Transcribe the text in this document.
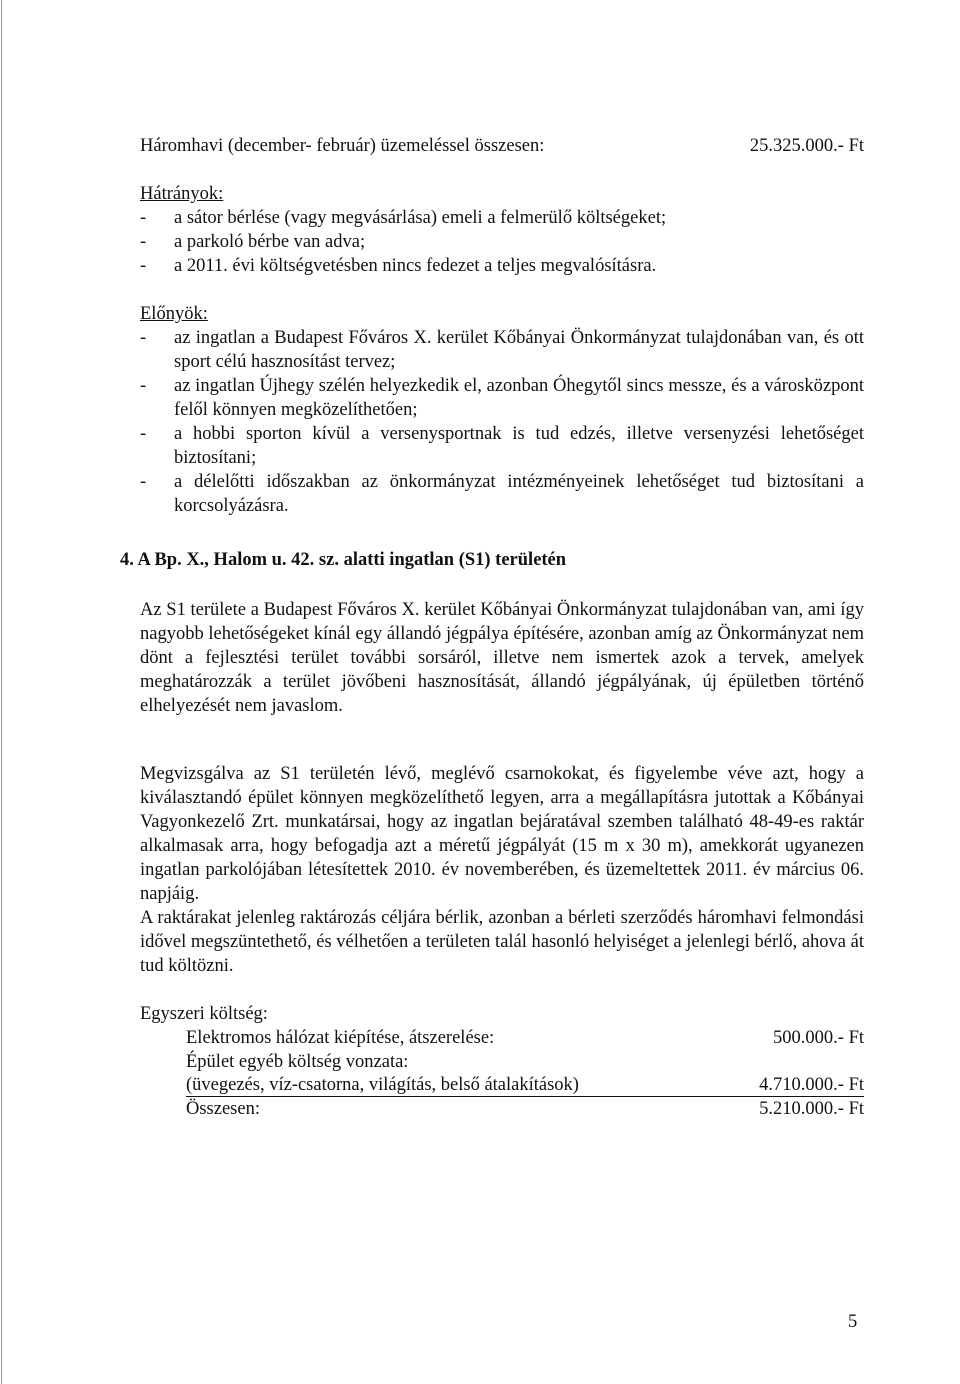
Háromhavi (december- február) üzemeléssel összesen:	25.325.000.- Ft
Hátrányok:
- a sátor bérlése (vagy megvásárlása) emeli a felmerülő költségeket;
- a parkoló bérbe van adva;
- a 2011. évi költségvetésben nincs fedezet a teljes megvalósításra.
Előnyök:
- az ingatlan a Budapest Főváros X. kerület Kőbányai Önkormányzat tulajdonában van, és ott sport célú hasznosítást tervez;
- az ingatlan Újhegy szélén helyezkedik el, azonban Óhegytől sincs messze, és a városközpont felől könnyen megközelíthetően;
- a hobbi sporton kívül a versenysportnak is tud edzés, illetve versenyzési lehetőséget biztosítani;
- a délelőtti időszakban az önkormányzat intézményeinek lehetőséget tud biztosítani a korcsolyázásra.
4. A Bp. X., Halom u. 42. sz. alatti ingatlan (S1) területén
Az S1 területe a Budapest Főváros X. kerület Kőbányai Önkormányzat tulajdonában van, ami így nagyobb lehetőségeket kínál egy állandó jégpálya építésére, azonban amíg az Önkormányzat nem dönt a fejlesztési terület további sorsáról, illetve nem ismertek azok a tervek, amelyek meghatározzák a terület jövőbeni hasznosítását, állandó jégpályának, új épületben történő elhelyezését nem javaslom.
Megvizsgálva az S1 területén lévő, meglévő csarnokokat, és figyelembe véve azt, hogy a kiválasztandó épület könnyen megközelíthető legyen, arra a megállapításra jutottak a Kőbányai Vagyonkezelő Zrt. munkatársai, hogy az ingatlan bejáratával szemben található 48-49-es raktár alkalmasak arra, hogy befogadja azt a méretű jégpályát (15 m x 30 m), amekkorát ugyanezen ingatlan parkolójában létesítettek 2010. év novemberében, és üzemeltettek 2011. év március 06. napjáig.
A raktárakat jelenleg raktározás céljára bérlik, azonban a bérleti szerződés háromhavi felmondási idővel megszüntethető, és vélhetően a területen talál hasonló helyiséget a jelenlegi bérlő, ahova át tud költözni.
Egyszeri költség:
Elektromos hálózat kiépítése, átszerelése:	500.000.- Ft
Épület egyéb költség vonzata:
(üvegezés, víz-csatorna, világítás, belső átalakítások)	4.710.000.- Ft
Összesen:	5.210.000.- Ft
5
